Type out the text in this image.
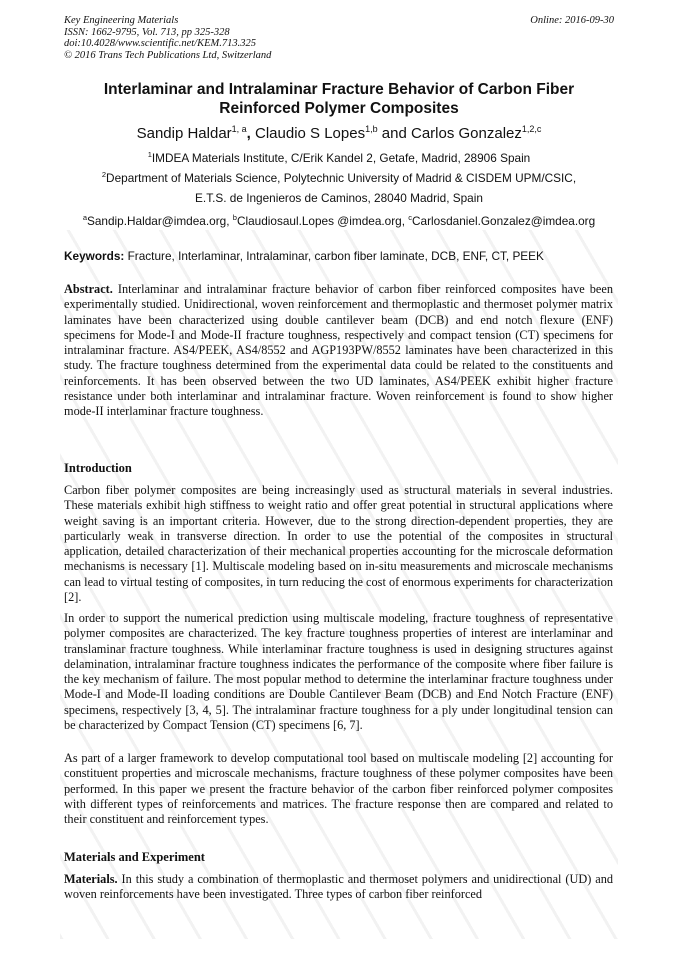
Key Engineering Materials
ISSN: 1662-9795, Vol. 713, pp 325-328
doi:10.4028/www.scientific.net/KEM.713.325
© 2016 Trans Tech Publications Ltd, Switzerland
Online: 2016-09-30
Interlaminar and Intralaminar Fracture Behavior of Carbon Fiber
Reinforced Polymer Composites
Sandip Haldar$^{1, a}$, Claudio S Lopes$^{1,b}$ and Carlos Gonzalez$^{1,2,c}$
$^1$IMDEA Materials Institute, C/Erik Kandel 2, Getafe, Madrid, 28906 Spain
$^2$Department of Materials Science, Polytechnic University of Madrid & CISDEM UPM/CSIC,
E.T.S. de Ingenieros de Caminos, 28040 Madrid, Spain
$^a$Sandip.Haldar@imdea.org, $^b$Claudiosaul.Lopes @imdea.org, $^c$Carlosdaniel.Gonzalez@imdea.org
Keywords: Fracture, Interlaminar, Intralaminar, carbon fiber laminate, DCB, ENF, CT, PEEK
Abstract. Interlaminar and intralaminar fracture behavior of carbon fiber reinforced composites have been experimentally studied. Unidirectional, woven reinforcement and thermoplastic and thermoset polymer matrix laminates have been characterized using double cantilever beam (DCB) and end notch flexure (ENF) specimens for Mode-I and Mode-II fracture toughness, respectively and compact tension (CT) specimens for intralaminar fracture. AS4/PEEK, AS4/8552 and AGP193PW/8552 laminates have been characterized in this study. The fracture toughness determined from the experimental data could be related to the constituents and reinforcements. It has been observed between the two UD laminates, AS4/PEEK exhibit higher fracture resistance under both interlaminar and intralaminar fracture. Woven reinforcement is found to show higher mode-II interlaminar fracture toughness.
Introduction
Carbon fiber polymer composites are being increasingly used as structural materials in several industries. These materials exhibit high stiffness to weight ratio and offer great potential in structural applications where weight saving is an important criteria. However, due to the strong direction-dependent properties, they are particularly weak in transverse direction. In order to use the potential of the composites in structural application, detailed characterization of their mechanical properties accounting for the microscale deformation mechanisms is necessary [1]. Multiscale modeling based on in-situ measurements and microscale mechanisms can lead to virtual testing of composites, in turn reducing the cost of enormous experiments for characterization [2].
In order to support the numerical prediction using multiscale modeling, fracture toughness of representative polymer composites are characterized. The key fracture toughness properties of interest are interlaminar and translaminar fracture toughness. While interlaminar fracture toughness is used in designing structures against delamination, intralaminar fracture toughness indicates the performance of the composite where fiber failure is the key mechanism of failure. The most popular method to determine the interlaminar fracture toughness under Mode-I and Mode-II loading conditions are Double Cantilever Beam (DCB) and End Notch Fracture (ENF) specimens, respectively [3, 4, 5]. The intralaminar fracture toughness for a ply under longitudinal tension can be characterized by Compact Tension (CT) specimens [6, 7].
As part of a larger framework to develop computational tool based on multiscale modeling [2] accounting for constituent properties and microscale mechanisms, fracture toughness of these polymer composites have been performed. In this paper we present the fracture behavior of the carbon fiber reinforced polymer composites with different types of reinforcements and matrices. The fracture response then are compared and related to their constituent and reinforcement types.
Materials and Experiment
Materials. In this study a combination of thermoplastic and thermoset polymers and unidirectional (UD) and woven reinforcements have been investigated. Three types of carbon fiber reinforced
